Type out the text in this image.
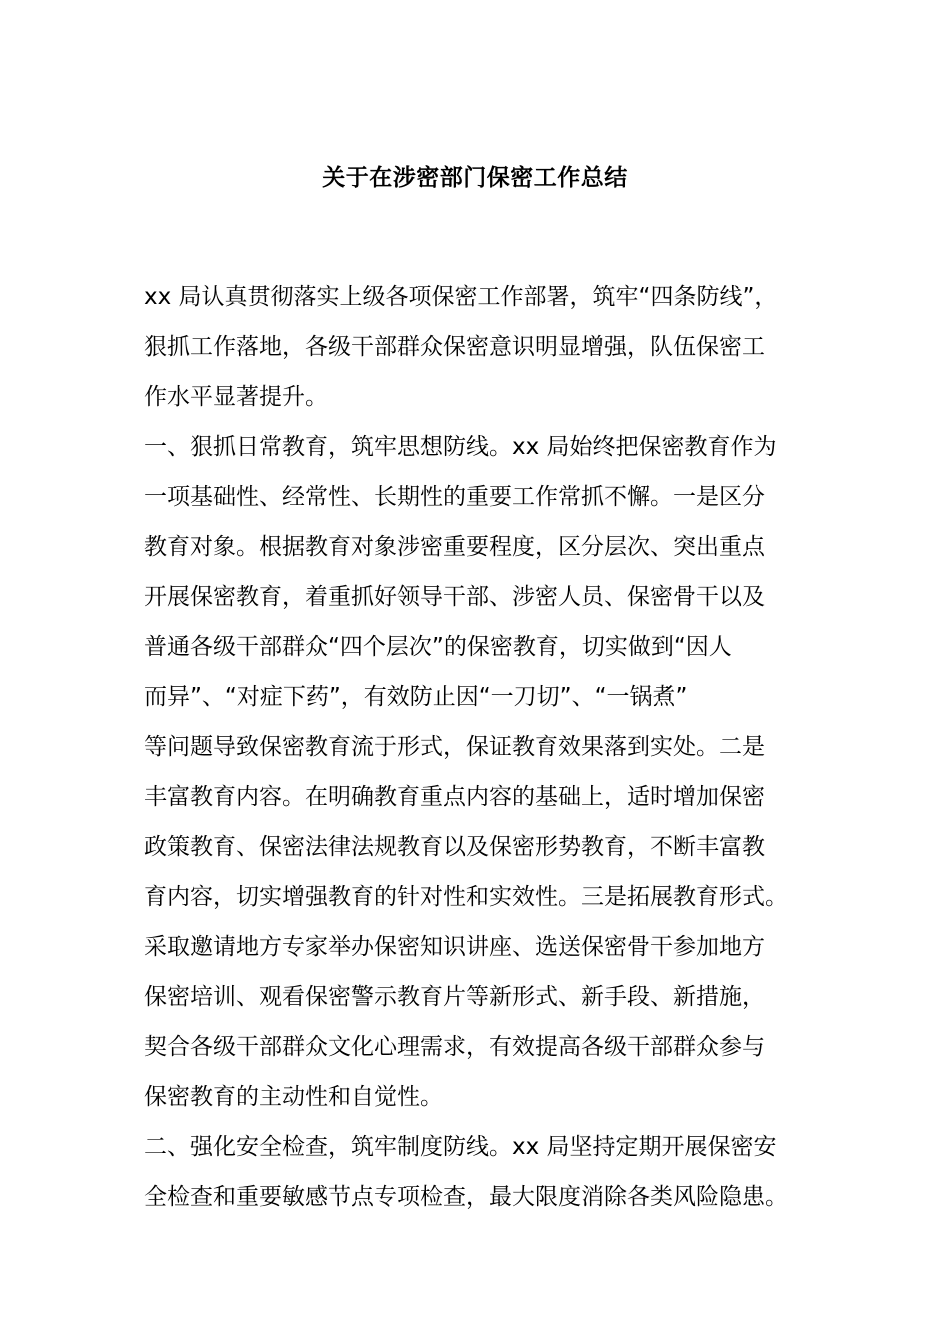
关于在涉密部门保密工作总结
xx 局认真贯彻落实上级各项保密工作部署，筑牢“四条防线”，
狠抓工作落地，各级干部群众保密意识明显增强，队伍保密工
作水平显著提升。
一、狠抓日常教育，筑牢思想防线。xx 局始终把保密教育作为
一项基础性、经常性、长期性的重要工作常抓不懈。一是区分
教育对象。根据教育对象涉密重要程度，区分层次、突出重点
开展保密教育，着重抓好领导干部、涉密人员、保密骨干以及
普通各级干部群众“四个层次”的保密教育，切实做到“因人
而异”、“对症下药”，有效防止因“一刀切”、“一锅煮”
等问题导致保密教育流于形式，保证教育效果落到实处。二是
丰富教育内容。在明确教育重点内容的基础上，适时增加保密
政策教育、保密法律法规教育以及保密形势教育，不断丰富教
育内容，切实增强教育的针对性和实效性。三是拓展教育形式。
采取邀请地方专家举办保密知识讲座、选送保密骨干参加地方
保密培训、观看保密警示教育片等新形式、新手段、新措施，
契合各级干部群众文化心理需求，有效提高各级干部群众参与
保密教育的主动性和自觉性。
二、强化安全检查，筑牢制度防线。xx 局坚持定期开展保密安
全检查和重要敏感节点专项检查，最大限度消除各类风险隐患。
